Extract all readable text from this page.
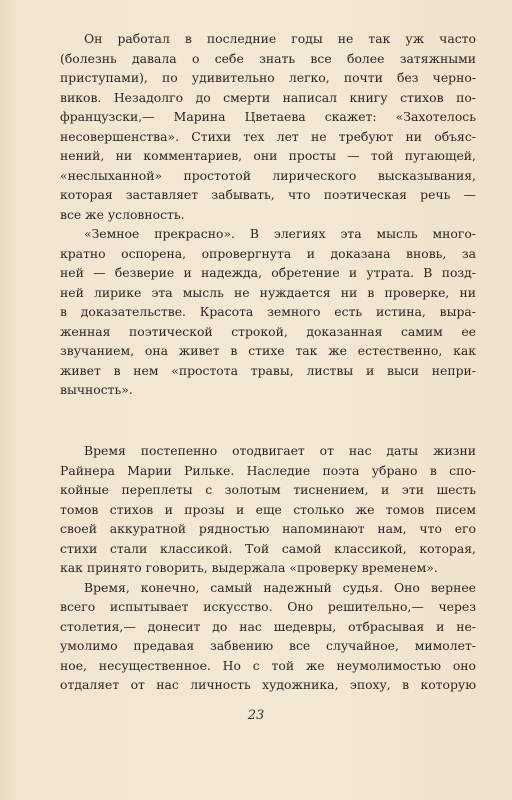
Он работал в последние годы не так уж часто
(болезнь давала о себе знать все более затяжными
приступами), по удивительно легко, почти без черно-
виков. Незадолго до смерти написал книгу стихов по-
французски,— Марина Цветаева скажет: «Захотелось
несовершенства». Стихи тех лет не требуют ни объяс-
нений, ни комментариев, они просты — той пугающей,
«неслыханной» простотой лирического высказывания,
которая заставляет забывать, что поэтическая речь —
все же условность.
«Земное прекрасно». В элегиях эта мысль много-
кратно оспорена, опровергнута и доказана вновь, за
ней — безверие и надежда, обретение и утрата. В позд-
ней лирике эта мысль не нуждается ни в проверке, ни
в доказательстве. Красота земного есть истина, выра-
женная поэтической строкой, доказанная самим ее
звучанием, она живет в стихе так же естественно, как
живет в нем «простота травы, листвы и выси непри-
вычность».
Время постепенно отодвигает от нас даты жизни
Райнера Марии Рильке. Наследие поэта убрано в спо-
койные переплеты с золотым тиснением, и эти шесть
томов стихов и прозы и еще столько же томов писем
своей аккуратной рядностью напоминают нам, что его
стихи стали классикой. Той самой классикой, которая,
как принято говорить, выдержала «проверку временем».
Время, конечно, самый надежный судья. Оно вернее
всего испытывает искусство. Оно решительно,— через
столетия,— донесит до нас шедевры, отбрасывая и не-
умолимо предавая забвению все случайное, мимолет-
ное, несущественное. Но с той же неумолимостью оно
отдаляет от нас личность художника, эпоху, в которую
23
